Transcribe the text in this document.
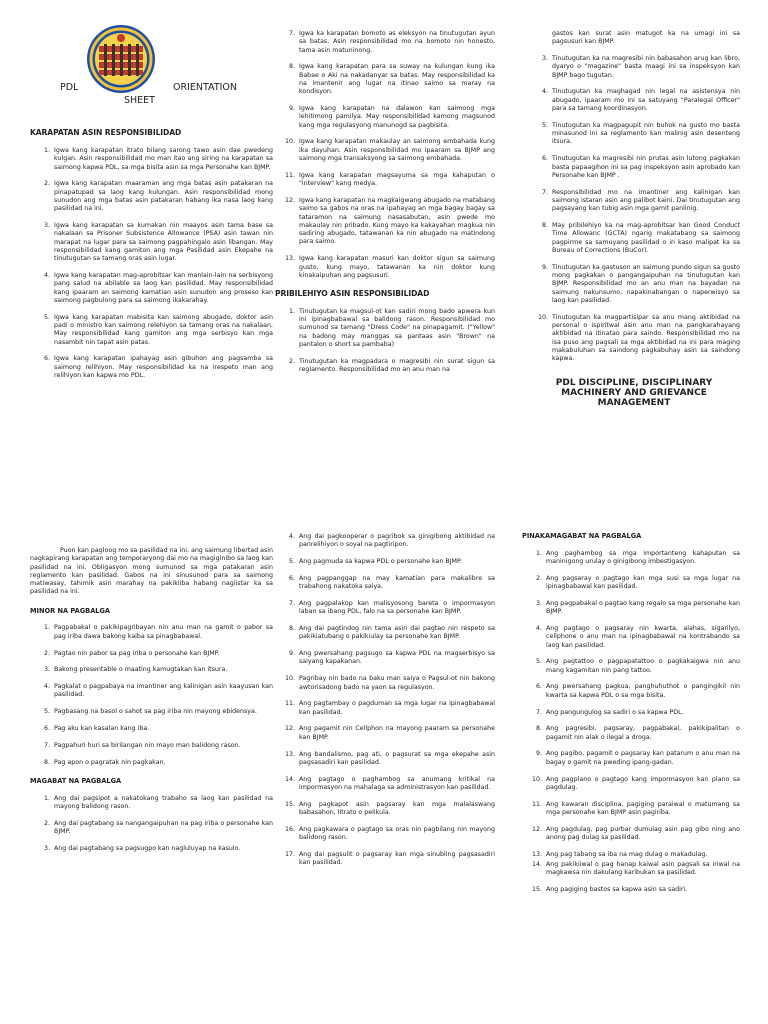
PDL	ORIENTATION
SHEET
KARAPATAN ASIN RESPONSIBILIDAD
1. Igwa kang karapatan itrato bilang sarong tawo asin dae pwedeng kulgan. Asin responsibilidad mo man itao ang siring na karapatan sa saimong kapwa PDL, sa mga bisita asin sa mga Personahe kan BJMP.
2. Igwa kang karapatan maaraman ang mga batas asin patakaran na pinapatupad sa laog kang kulungan. Asin responsibilidad mong sunudon ang mga batas asin patakaran habang ika nasa laog kang pasilidad na ini.
3. Igwa kang karapatan sa kumakan nin maayos asin tama base sa nakalaan sa Prisoner Subsistence Allowance (PSA) asin tawan nin marapat na lugar para sa saimong pagpahingalo asin libangan. May responsibilidad kang gamiton ang mga Pasilidad asin Ekepahe na tinutugutan sa tamang oras asin lugar.
4. Igwa kang karapatan mag-aprobitsar kan manlain-lain na serbisyong pang salud na abilable sa laog kan pasilidad. May responsibilidad kang ipaaram an saimong kamatian asin sunudon ang proseso kan saimong pagbulong para sa saimong ikakarahay.
5. Igwa kang karapatan mabisita kan saimong abugado, doktor asin padi o ministro kan saimong relehiyon sa tamang oras na nakalaan. May responsibilidad kang gamiton ang mga serbisyo kan mga nasambit nin tapat asin patas.
6. Igwa kang karapatan ipahayag asin gibuhon ang pagsamba sa saimong relihiyon. May responsibilidad ka na irespeto man ang relihiyon kan kapwa mo PDL.
7. Igwa ka karapatan bomoto as eleksyon na tinutugutan ayun sa batas. Asin responsibilidad mo na bomoto nin honesto, tama asin matuninong.
8. Igwa kang karapatan para sa suway na kulungan kung ika Babae o Aki na nakadanyar sa batas. May responsibilidad ka na imantenir ang lugar na itinao saimo sa maray na kondisyon.
9. Igwa kang karapatan na dalawon kan saimong mga lehitimong pamilya. May responsibilidad kamong magsunod kang mga regulasyong manunogd sa pagbisita.
10. Igwa kang karapatan makaulay an saimong embahada kung ika dayuhan. Asin responsibilidad mo ipaaram sa BJMP ang saimong mga transaksyong sa saimong embahada.
11. Igwa kang karapatan magsayuma sa mga kahaputan o "interview" kang medya.
12. Igwa kang karapatan na magkaigwang abugado na matabang saimo sa gabos na oras na ipahayag an mga bagay bagay sa tataramon na saimung nasasabutan, asin pwede mo makaulay nin pribado. Kung mayo ka kakayahan magkua nin sadiring abugado, tatawanan ka nin abugado na matindong para saimo.
13. Igwa kang karapatan masuri kan doktor sigun sa saimung gusto, kung mayo, tatawanan ka nin doktor kung kinakaipuhan ang pagsusuri.
PRIBILEHIYO ASIN RESPONSIBILIDAD
1. Tinutugutan ka magsul-ot kan sadiri mong bado apwera kun ini ipinagbabawal sa balidong rason. Responsibilidad mo sumunod sa tamang "Dress Code" na pinapagamit. ("Yellow" na badong may manggas sa pantaas asin "Brown" na pantalon o short sa pambaba)
2. Tinutugutan ka magpadara o magresibi nin surat sigun sa reglamento. Responsibilidad mo an anu man na
gastos kan surat asin matugot ka na umagi ini sa pagsusuri kan BJMP.
3. Tinutugutan ka na magresibi nin babasahon arug kan libro, dyaryo o "magazine" basta maagi ini sa inspeksyon kan BJMP bago tugutan.
4. Tinutugutan ka maghagad nin legal na asistensya nin abugado, ipaaram mo ini sa satuyang "Paralegal Officer" para sa tamang koordinasyon.
5. Tinutugutan ka magpagupit nin buhok na gusto mo basta minasunod ini sa reglamento kan malinig asin desenteng itsura.
6. Tinutugutan ka magresibi nin prutas asin lutong pagkakan basta papaagihon ini sa pag inspeksyon asin aprobado kan Personahe kan BJMP .
7. Responsibilidad mo na imantiner ang kalinigan kan saimong istaran asin ang palibot kaini. Dai tinutugutan ang pagsayang kan tubig asin mga gamit panlinig.
8. May pribilehiyo ka na mag-aprobitsar kan Good Conduct Time Allowanc (GCTA) ngarig makatabang sa saimong pagpirme sa samuyang pasilidad o in kaso malipat ka sa Bureau of Corrections (BuCor).
9. Tinutugutan ka gastuson an saimung pundo sigun sa gusto mong pagkakan o pangangaipuhan na tinutugutan kan BJMP. Responsibilidad mo an anu man na bayadan na saimung nakunsumo, napakinabangan o naperwisyo sa laog kan pasilidad.
10. Tinutugutan ka magpartisipar sa anu mang aktibidad na personal o ispiritwal asin anu man na pangkarahayang aktibidad na itinatao para saindo. Responsibilidad mo na isa puso ang pagsali sa mga aktibidad na ini para maging makabuluhan sa saindong pagkabuhay asin sa saindong kapwa.
PDL DISCIPLINE, DISCIPLINARY MACHINERY AND GRIEVANCE MANAGEMENT
Puon kan pagloog mo sa pasilidad na ini, ang saimung libertad asin nagkapirang karapatan ang temporaryong dai mo na magiginibo sa laog kan pasilidad na ini. Obligasyon mong sumunod sa mga patakaran asin reglamento kan pasilidad. Gabos na ini sinusunod para sa saimong matiwasay, tahimik asin marahay na pakikiiba habang nagiistar ka sa pasilidad na ini.
MINOR NA PAGBALGA
1. Pagpabakal o pakikipagribayan nin anu man na gamit o pabor sa pag iriba dawa bakong kaiba sa pinagbabawal.
2. Pagtao nin pabor sa pag iriba o personahe kan BJMP.
3. Bakong presentable o maating kamugtakan kan itsura.
4. Pagkalat o pagpabaya na imantiner ang kalinigan asin kaayusan kan pasilidad.
5. Pagbasang na basol o sahot sa pag iriba nin mayong ebidensya.
6. Pag aku kan kasalan kang iba.
7. Pagpahuri huri sa birilangan nin mayo man balidong rason.
8. Pag apon o pagratak nin pagkakan.
MAGABAT NA PAGBALGA
1. Ang dai pagsipot a nakatokang trabaho sa laog kan pasilidad na mayong balidong rason.
2. Ang dai pagtabang sa nangangaipuhan na pag iriba o personahe kan BJMP.
3. Ang dai pagtabang sa pagsugpo kan nagluluyap na kasulo.
4. Ang dai pagkooperar o pagribok sa ginigibong aktibidad na panrelihiyon o soyal na pagtiripon.
5. Ang pagmuda sa kapwa PDL o personahe kan BJMP.
6. Ang pagpanggap na may kamatian para makalibre sa trabahong nakatoka saiya.
7. Ang pagpalakop kan malisyosong bareta o impormasyon laban sa ibang PDL, falo na sa personahe kan BJMP.
8. Ang dai pagtindog nin tama asin dai pagtao nin respeto sa pakikiatubang o pakikiulay sa personahe kan BJMP.
9. Ang pwersahang pagsugo sa kapwa PDL na magserbisyo sa saiyang kapakanan.
10. Pagribay nin bado na baku man saiya o Pagsul-ot nin bakong awtorisadong bado na yaon sa regulasyon.
11. Ang pagtambay o pagduman sa mga lugar na ipinagbabawal kan pasilidad.
12. Ang pagamit nin Cellphon na mayong paaram sa personahe kan BJMP.
13. Ang bandalismo, pag ati, o pagsurat sa mga ekepahe asin pagsasadiri kan pasilidad.
14. Ang pagtago o paghambog sa anumang kritikal na impormasyon na mahalaga sa administrasyon kan pasilidad.
15. Ang pagkapot asin pagsaray kan mga malalaswang babasahon, litrato o pelikula.
16. Ang pagkawara o pagtago sa oras nin pagbilang nin mayong balidong rason.
17. Ang dai pagsulit o pagsaray kan mga sinubling pagsasadiri kan pasilidad.
PINAKAMAGABAT NA PAGBALGA
1. Ang paghambog sa mga importanteng kahaputan sa maninigong urulay o ginigibong imbestigasyon.
2. Ang pagsaray o pagtago kan mga susi sa mga lugar na ipinagbabawal kan pasilidad.
3. Ang pagpabakal o pagtao kang regalo sa mga personahe kan BJMP.
4. Ang pagtago o pagsaray nin kwarta, alahas, sigarilyo, cellphone o anu man na ipinagbabawal na kontrabando sa laog kan pasilidad.
5. Ang pagtattoo o pagpapatattoo o pagkakaigwa nin anu mang kagamitan nin pang tattoo.
6. Ang pwersahang pagkua, panghuhuthot o pangingikil nin kwarta sa kapwa PDL o sa mga bisita.
7. Ang pangungulog sa sadiri o sa kapwa PDL.
8. Ang pagresibi, pagsaray, pagpabakal, pakikipalitan o pagamit nin alak o ilegal a droga.
9. Ang pagibo, pagamit o pagsaray kan patarum o anu man na bagay o gamit na pweding ipang-gadan.
10. Ang pagplano o pagtago kang impormasyon kan plano sa pagdulag.
11. Ang kawaran disciplina, pagiging paraiwal o matumang sa mga personahe kan BJMP asin pagiriba.
12. Ang pagdulag, pag purbar dumulag asin pag gibo ning ano anong pag dulag sa pasilidad.
13. Ang pag tabang sa iba na mag dulag o makadulag.
14. Ang pakikiiwal o pag hanap kaiwal asin pagsali sa iriwal na magkawsa nin dakulang karibukan sa pasilidad.
15. Ang pagiging bastos sa kapwa asin sa sadiri.
